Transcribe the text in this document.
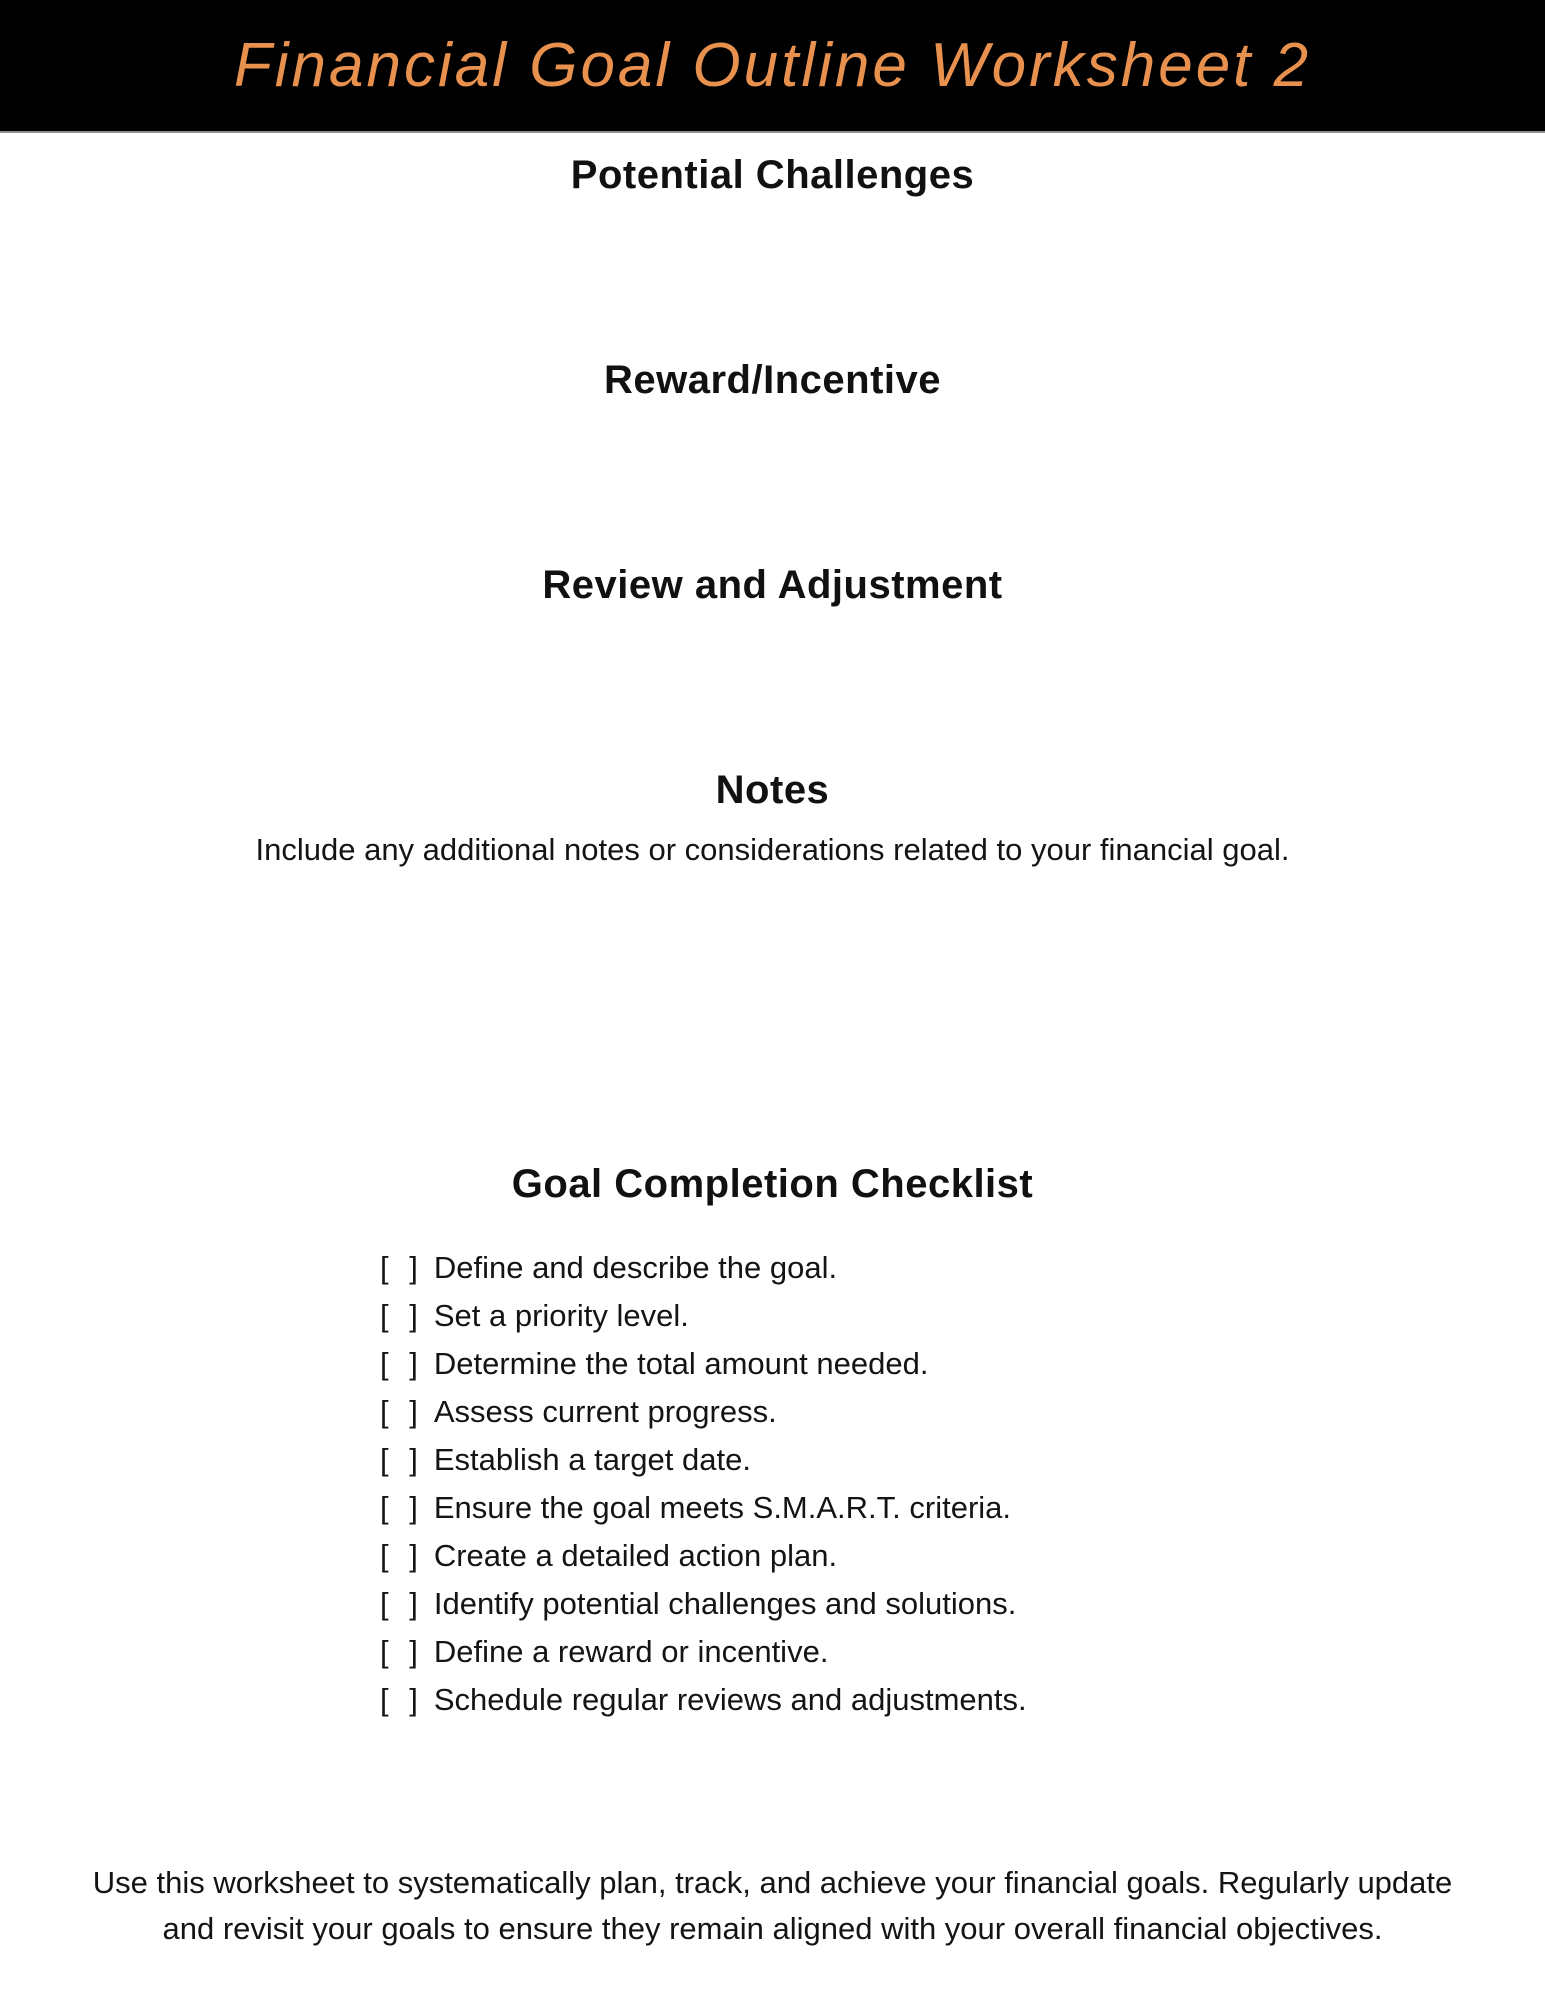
Financial Goal Outline Worksheet 2
Potential Challenges
Reward/Incentive
Review and Adjustment
Notes

Include any additional notes or considerations related to your financial goal.

Goal Completion Checklist
[ ] Define and describe the goal.
[ ] Set a priority level.
[ ] Determine the total amount needed.
[ ] Assess current progress.
[ ] Establish a target date.
[ ] Ensure the goal meets S.M.A.R.T. criteria.
[ ] Create a detailed action plan.
[ ] Identify potential challenges and solutions.
[ ] Define a reward or incentive.
[ ] Schedule regular reviews and adjustments.

Use this worksheet to systematically plan, track, and achieve your financial goals. Regularly update and revisit your goals to ensure they remain aligned with your overall financial objectives.
